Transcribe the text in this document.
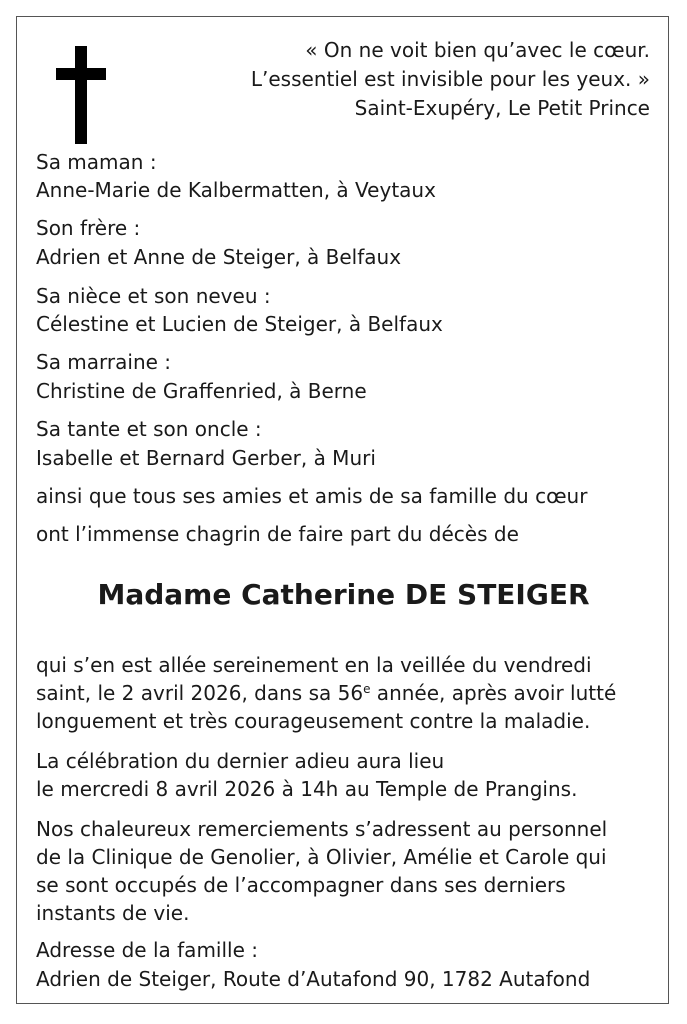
« On ne voit bien qu’avec le cœur.
L’essentiel est invisible pour les yeux. »
Saint-Exupéry, Le Petit Prince
Sa maman :
Anne-Marie de Kalbermatten, à Veytaux
Son frère :
Adrien et Anne de Steiger, à Belfaux
Sa nièce et son neveu :
Célestine et Lucien de Steiger, à Belfaux
Sa marraine :
Christine de Graffenried, à Berne
Sa tante et son oncle :
Isabelle et Bernard Gerber, à Muri
ainsi que tous ses amies et amis de sa famille du cœur
ont l’immense chagrin de faire part du décès de
Madame Catherine DE STEIGER
qui s’en est allée sereinement en la veillée du vendredi
saint, le 2 avril 2026, dans sa 56e année, après avoir lutté
longuement et très courageusement contre la maladie.
La célébration du dernier adieu aura lieu
le mercredi 8 avril 2026 à 14h au Temple de Prangins.
Nos chaleureux remerciements s’adressent au personnel
de la Clinique de Genolier, à Olivier, Amélie et Carole qui
se sont occupés de l’accompagner dans ses derniers
instants de vie.
Adresse de la famille :
Adrien de Steiger, Route d’Autafond 90, 1782 Autafond
